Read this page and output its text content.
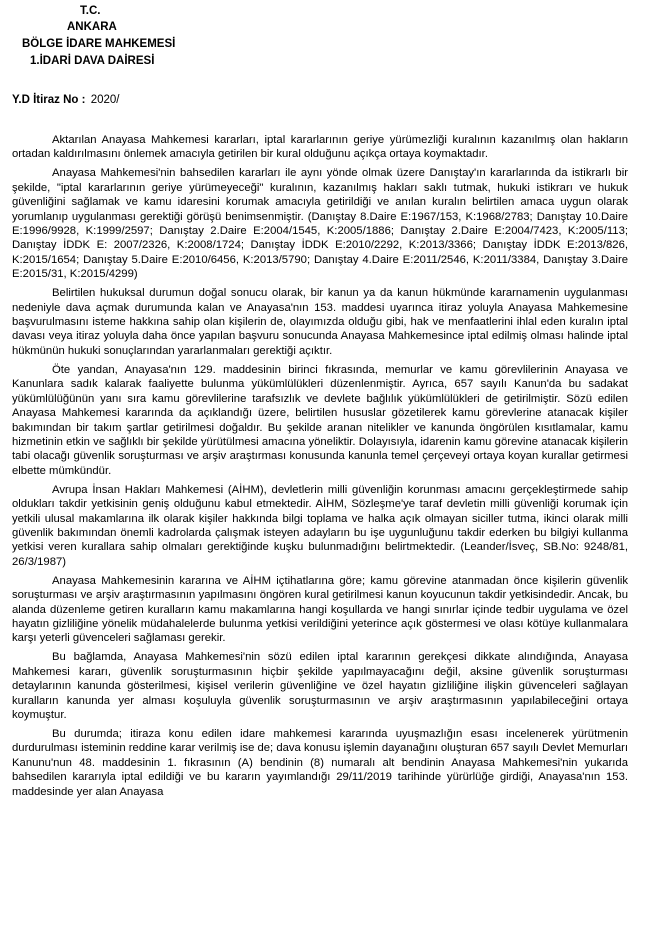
T.C.
ANKARA
BÖLGE İDARE MAHKEMESİ
1.İDARİ DAVA DAİRESİ
Y.D İtiraz No : 2020/

Aktarılan Anayasa Mahkemesi kararları, iptal kararlarının geriye yürümezliği kuralının kazanılmış olan hakların ortadan kaldırılmasını önlemek amacıyla getirilen bir kural olduğunu açıkça ortaya koymaktadır.

Anayasa Mahkemesi'nin bahsedilen kararları ile aynı yönde olmak üzere Danıştay'ın kararlarında da istikrarlı bir şekilde, "iptal kararlarının geriye yürümeyeceği" kuralının, kazanılmış hakları saklı tutmak, hukuki istikrarı ve hukuk güvenliğini sağlamak ve kamu idaresini korumak amacıyla getirildiği ve anılan kuralın belirtilen amaca uygun olarak yorumlanıp uygulanması gerektiği görüşü benimsenmiştir. (Danıştay 8.Daire E:1967/153, K:1968/2783; Danıştay 10.Daire E:1996/9928, K:1999/2597; Danıştay 2.Daire E:2004/1545, K:2005/1886; Danıştay 2.Daire E:2004/7423, K:2005/113; Danıştay İDDK E: 2007/2326, K:2008/1724; Danıştay İDDK E:2010/2292, K:2013/3366; Danıştay İDDK E:2013/826, K:2015/1654; Danıştay 5.Daire E:2010/6456, K:2013/5790; Danıştay 4.Daire E:2011/2546, K:2011/3384, Danıştay 3.Daire E:2015/31, K:2015/4299)

Belirtilen hukuksal durumun doğal sonucu olarak, bir kanun ya da kanun hükmünde kararnamenin uygulanması nedeniyle dava açmak durumunda kalan ve Anayasa'nın 153. maddesi uyarınca itiraz yoluyla Anayasa Mahkemesine başvurulmasını isteme hakkına sahip olan kişilerin de, olayımızda olduğu gibi, hak ve menfaatlerini ihlal eden kuralın iptal davası veya itiraz yoluyla daha önce yapılan başvuru sonucunda Anayasa Mahkemesince iptal edilmiş olması halinde iptal hükmünün hukuki sonuçlarından yararlanmaları gerektiği açıktır.

Öte yandan, Anayasa'nın 129. maddesinin birinci fıkrasında, memurlar ve kamu görevlilerinin Anayasa ve Kanunlara sadık kalarak faaliyette bulunma yükümlülükleri düzenlenmiştir. Ayrıca, 657 sayılı Kanun'da bu sadakat yükümlülüğünün yanı sıra kamu görevlilerine tarafsızlık ve devlete bağlılık yükümlülükleri de getirilmiştir. Sözü edilen Anayasa Mahkemesi kararında da açıklandığı üzere, belirtilen hususlar gözetilerek kamu görevlerine atanacak kişiler bakımından bir takım şartlar getirilmesi doğaldır. Bu şekilde aranan nitelikler ve kanunda öngörülen kısıtlamalar, kamu hizmetinin etkin ve sağlıklı bir şekilde yürütülmesi amacına yöneliktir. Dolayısıyla, idarenin kamu görevine atanacak kişilerin tabi olacağı güvenlik soruşturması ve arşiv araştırması konusunda kanunla temel çerçeveyi ortaya koyan kurallar getirmesi elbette mümkündür.

Avrupa İnsan Hakları Mahkemesi (AİHM), devletlerin milli güvenliğin korunması amacını gerçekleştirmede sahip oldukları takdir yetkisinin geniş olduğunu kabul etmektedir. AİHM, Sözleşme'ye taraf devletin milli güvenliği korumak için yetkili ulusal makamlarına ilk olarak kişiler hakkında bilgi toplama ve halka açık olmayan siciller tutma, ikinci olarak milli güvenlik bakımından önemli kadrolarda çalışmak isteyen adayların bu işe uygunluğunu takdir ederken bu bilgiyi kullanma yetkisi veren kurallara sahip olmaları gerektiğinde kuşku bulunmadığını belirtmektedir. (Leander/İsveç, SB.No: 9248/81, 26/3/1987)

Anayasa Mahkemesinin kararına ve AİHM içtihatlarına göre; kamu görevine atanmadan önce kişilerin güvenlik soruşturması ve arşiv araştırmasının yapılmasını öngören kural getirilmesi kanun koyucunun takdir yetkisindedir. Ancak, bu alanda düzenleme getiren kuralların kamu makamlarına hangi koşullarda ve hangi sınırlar içinde tedbir uygulama ve özel hayatın gizliliğine yönelik müdahalelerde bulunma yetkisi verildiğini yeterince açık göstermesi ve olası kötüye kullanmalara karşı yeterli güvenceleri sağlaması gerekir.

Bu bağlamda, Anayasa Mahkemesi'nin sözü edilen iptal kararının gerekçesi dikkate alındığında, Anayasa Mahkemesi kararı, güvenlik soruşturmasının hiçbir şekilde yapılmayacağını değil, aksine güvenlik soruşturması detaylarının kanunda gösterilmesi, kişisel verilerin güvenliğine ve özel hayatın gizliliğine ilişkin güvenceleri sağlayan kuralların kanunda yer alması koşuluyla güvenlik soruşturmasının ve arşiv araştırmasının yapılabileceğini ortaya koymuştur.

Bu durumda; itiraza konu edilen idare mahkemesi kararında uyuşmazlığın esası incelenerek yürütmenin durdurulması isteminin reddine karar verilmiş ise de; dava konusu işlemin dayanağını oluşturan 657 sayılı Devlet Memurları Kanunu'nun 48. maddesinin 1. fıkrasının (A) bendinin (8) numaralı alt bendinin Anayasa Mahkemesi'nin yukarıda bahsedilen kararıyla iptal edildiği ve bu kararın yayımlandığı 29/11/2019 tarihinde yürürlüğe girdiği, Anayasa'nın 153. maddesinde yer alan Anayasa
